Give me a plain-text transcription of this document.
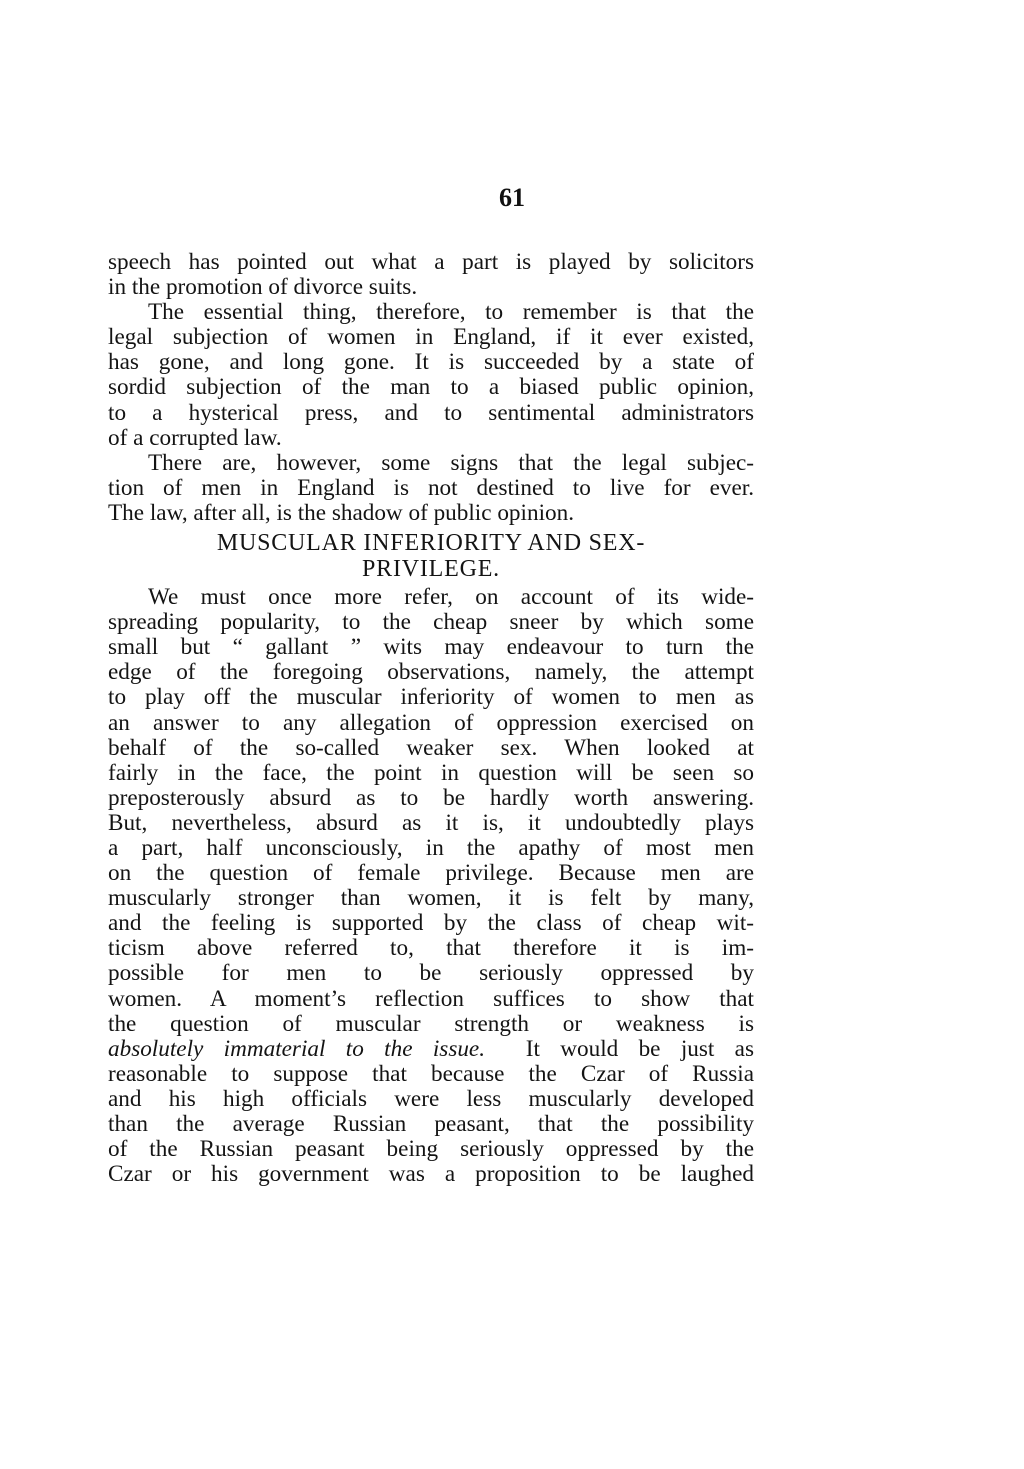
61
speech has pointed out what a part is played by solicitors
in the promotion of divorce suits.
The essential thing, therefore, to remember is that the
legal subjection of women in England, if it ever existed,
has gone, and long gone. It is succeeded by a state of
sordid subjection of the man to a biased public opinion,
to a hysterical press, and to sentimental administrators
of a corrupted law.
There are, however, some signs that the legal subjec-
tion of men in England is not destined to live for ever.
The law, after all, is the shadow of public opinion.
MUSCULAR INFERIORITY AND SEX-
PRIVILEGE.
We must once more refer, on account of its wide-
spreading popularity, to the cheap sneer by which some
small but “ gallant ” wits may endeavour to turn the
edge of the foregoing observations, namely, the attempt
to play off the muscular inferiority of women to men as
an answer to any allegation of oppression exercised on
behalf of the so-called weaker sex. When looked at
fairly in the face, the point in question will be seen so
preposterously absurd as to be hardly worth answering.
But, nevertheless, absurd as it is, it undoubtedly plays
a part, half unconsciously, in the apathy of most men
on the question of female privilege. Because men are
muscularly stronger than women, it is felt by many,
and the feeling is supported by the class of cheap wit-
ticism above referred to, that therefore it is im-
possible for men to be seriously oppressed by
women. A moment’s reflection suffices to show that
the question of muscular strength or weakness is
absolutely immaterial to the issue.  It would be just as
reasonable to suppose that because the Czar of Russia
and his high officials were less muscularly developed
than the average Russian peasant, that the possibility
of the Russian peasant being seriously oppressed by the
Czar or his government was a proposition to be laughed
